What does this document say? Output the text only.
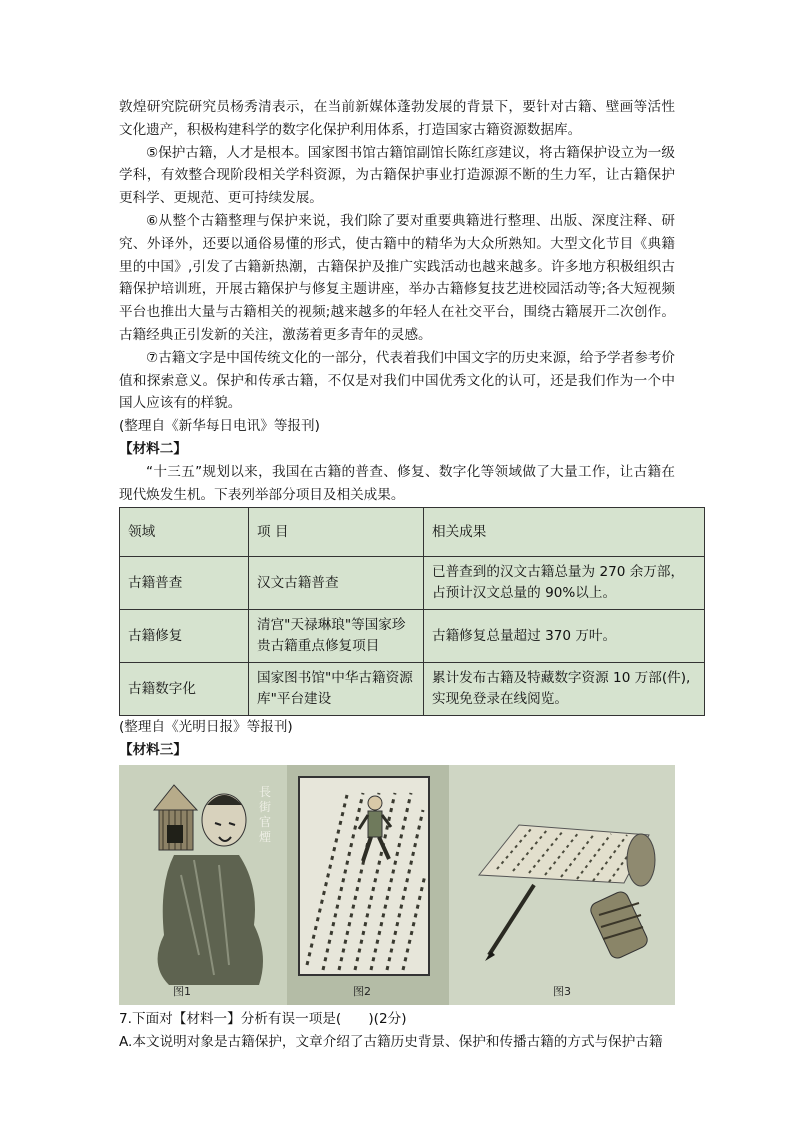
敦煌研究院研究员杨秀清表示，在当前新媒体蓬勃发展的背景下，要针对古籍、壁画等活性文化遗产，积极构建科学的数字化保护利用体系，打造国家古籍资源数据库。

⑤保护古籍，人才是根本。国家图书馆古籍馆副馆长陈红彦建议，将古籍保护设立为一级学科，有效整合现阶段相关学科资源，为古籍保护事业打造源源不断的生力军，让古籍保护更科学、更规范、更可持续发展。

⑥从整个古籍整理与保护来说，我们除了要对重要典籍进行整理、出版、深度注释、研究、外译外，还要以通俗易懂的形式，使古籍中的精华为大众所熟知。大型文化节目《典籍里的中国》,引发了古籍新热潮，古籍保护及推广实践活动也越来越多。许多地方积极组织古籍保护培训班，开展古籍保护与修复主题讲座，举办古籍修复技艺进校园活动等;各大短视频平台也推出大量与古籍相关的视频;越来越多的年轻人在社交平台，围绕古籍展开二次创作。古籍经典正引发新的关注，激荡着更多青年的灵感。

⑦古籍文字是中国传统文化的一部分，代表着我们中国文字的历史来源，给予学者参考价值和探索意义。保护和传承古籍，不仅是对我们中国优秀文化的认可，还是我们作为一个中国人应该有的样貌。

(整理自《新华每日电讯》等报刊)

【材料二】

“十三五”规划以来，我国在古籍的普查、修复、数字化等领域做了大量工作，让古籍在现代焕发生机。下表列举部分项目及相关成果。

领域	项 目	相关成果
古籍普查	汉文古籍普查	已普查到的汉文古籍总量为 270 余万部，占预计汉文总量的 90%以上。
古籍修复	清宫"天禄琳琅"等国家珍贵古籍重点修复项目	古籍修复总量超过 370 万叶。
古籍数字化	国家图书馆"中华古籍资源库"平台建设	累计发布古籍及特藏数字资源 10 万部(件),实现免登录在线阅览。

(整理自《光明日报》等报刊)

【材料三】

图1
長街 官煙
图2	图3

7.下面对【材料一】分析有误一项是(　　)(2分)

A.本文说明对象是古籍保护，文章介绍了古籍历史背景、保护和传播古籍的方式与保护古籍
